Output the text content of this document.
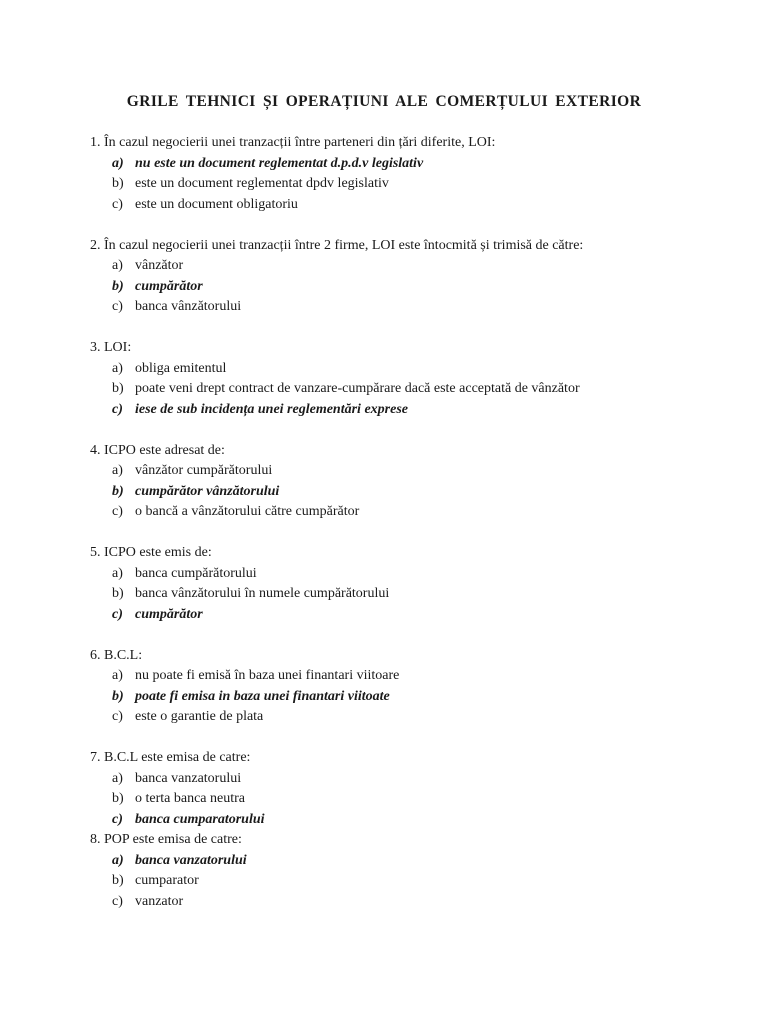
GRILE TEHNICI ȘI OPERAȚIUNI ALE COMERȚULUI EXTERIOR
1. În cazul negocierii unei tranzacții între parteneri din țări diferite, LOI:
a) nu este un document reglementat d.p.d.v legislativ
b) este un document reglementat dpdv legislativ
c) este un document obligatoriu
2. În cazul negocierii unei tranzacții între 2 firme, LOI este întocmită și trimisă de către:
a) vânzător
b) cumpărător
c) banca vânzătorului
3. LOI:
a) obliga emitentul
b) poate veni drept contract de vanzare-cumpărare dacă este acceptată de vânzător
c) iese de sub incidența unei reglementări exprese
4. ICPO este adresat de:
a) vânzător cumpărătorului
b) cumpărător vânzătorului
c) o bancă a vânzătorului către cumpărător
5. ICPO este emis de:
a) banca cumpărătorului
b) banca vânzătorului în numele cumpărătorului
c) cumpărător
6. B.C.L:
a) nu poate fi emisă în baza unei finantari viitoare
b) poate fi emisa in baza unei finantari viitoate
c) este o garantie de plata
7. B.C.L este emisa de catre:
a) banca vanzatorului
b) o terta banca neutra
c) banca cumparatorului
8. POP este emisa de catre:
a) banca vanzatorului
b) cumparator
c) vanzator
